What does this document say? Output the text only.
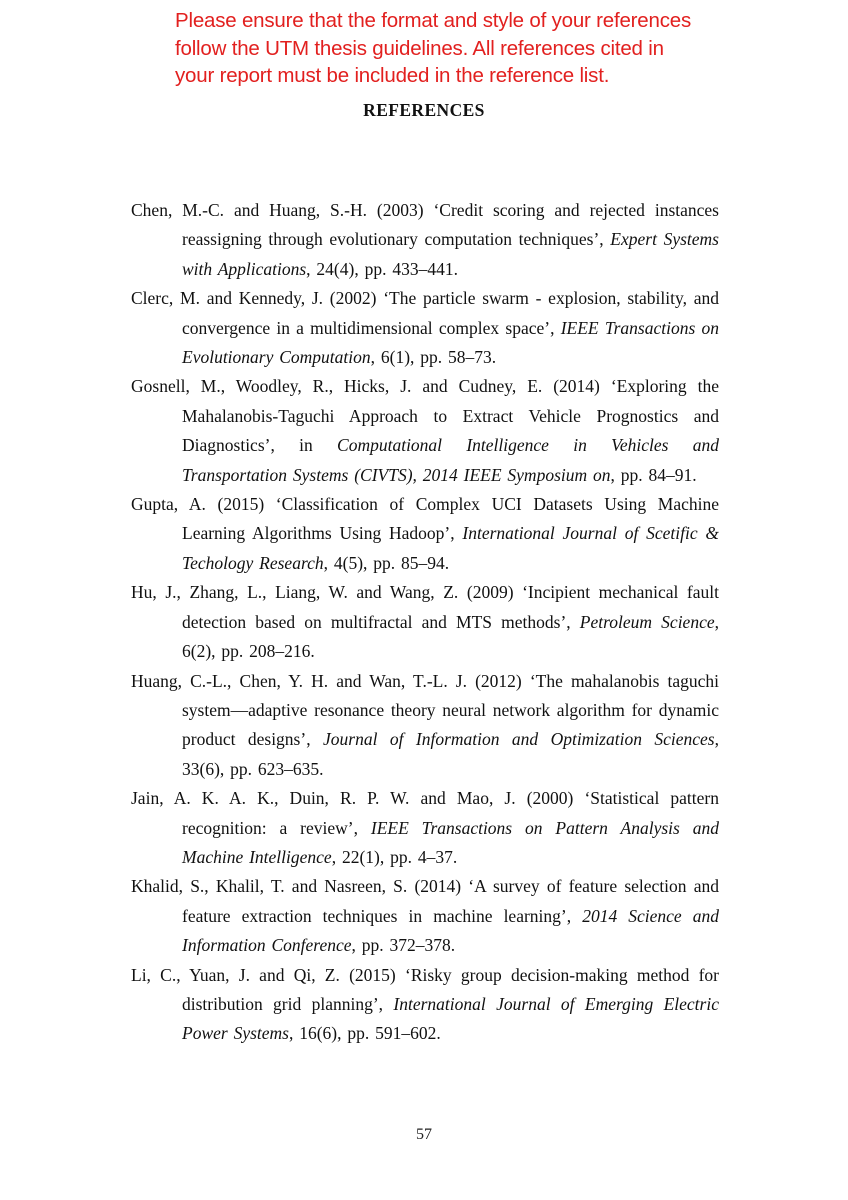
Please ensure that the format and style of your references
follow the UTM thesis guidelines. All references cited in
your report must be included in the reference list.
REFERENCES

Chen, M.-C. and Huang, S.-H. (2003) ‘Credit scoring and rejected instances reassigning through evolutionary computation techniques’, Expert Systems with Applications, 24(4), pp. 433–441.

Clerc, M. and Kennedy, J. (2002) ‘The particle swarm - explosion, stability, and convergence in a multidimensional complex space’, IEEE Transactions on Evolutionary Computation, 6(1), pp. 58–73.

Gosnell, M., Woodley, R., Hicks, J. and Cudney, E. (2014) ‘Exploring the Mahalanobis-Taguchi Approach to Extract Vehicle Prognostics and Diagnostics’, in Computational Intelligence in Vehicles and Transportation Systems (CIVTS), 2014 IEEE Symposium on, pp. 84–91.

Gupta, A. (2015) ‘Classification of Complex UCI Datasets Using Machine Learning Algorithms Using Hadoop’, International Journal of Scetific & Techology Research, 4(5), pp. 85–94.

Hu, J., Zhang, L., Liang, W. and Wang, Z. (2009) ‘Incipient mechanical fault detection based on multifractal and MTS methods’, Petroleum Science, 6(2), pp. 208–216.

Huang, C.-L., Chen, Y. H. and Wan, T.-L. J. (2012) ‘The mahalanobis taguchi system—adaptive resonance theory neural network algorithm for dynamic product designs’, Journal of Information and Optimization Sciences, 33(6), pp. 623–635.

Jain, A. K. A. K., Duin, R. P. W. and Mao, J. (2000) ‘Statistical pattern recognition: a review’, IEEE Transactions on Pattern Analysis and Machine Intelligence, 22(1), pp. 4–37.

Khalid, S., Khalil, T. and Nasreen, S. (2014) ‘A survey of feature selection and feature extraction techniques in machine learning’, 2014 Science and Information Conference, pp. 372–378.

Li, C., Yuan, J. and Qi, Z. (2015) ‘Risky group decision-making method for distribution grid planning’, International Journal of Emerging Electric Power Systems, 16(6), pp. 591–602.

57
